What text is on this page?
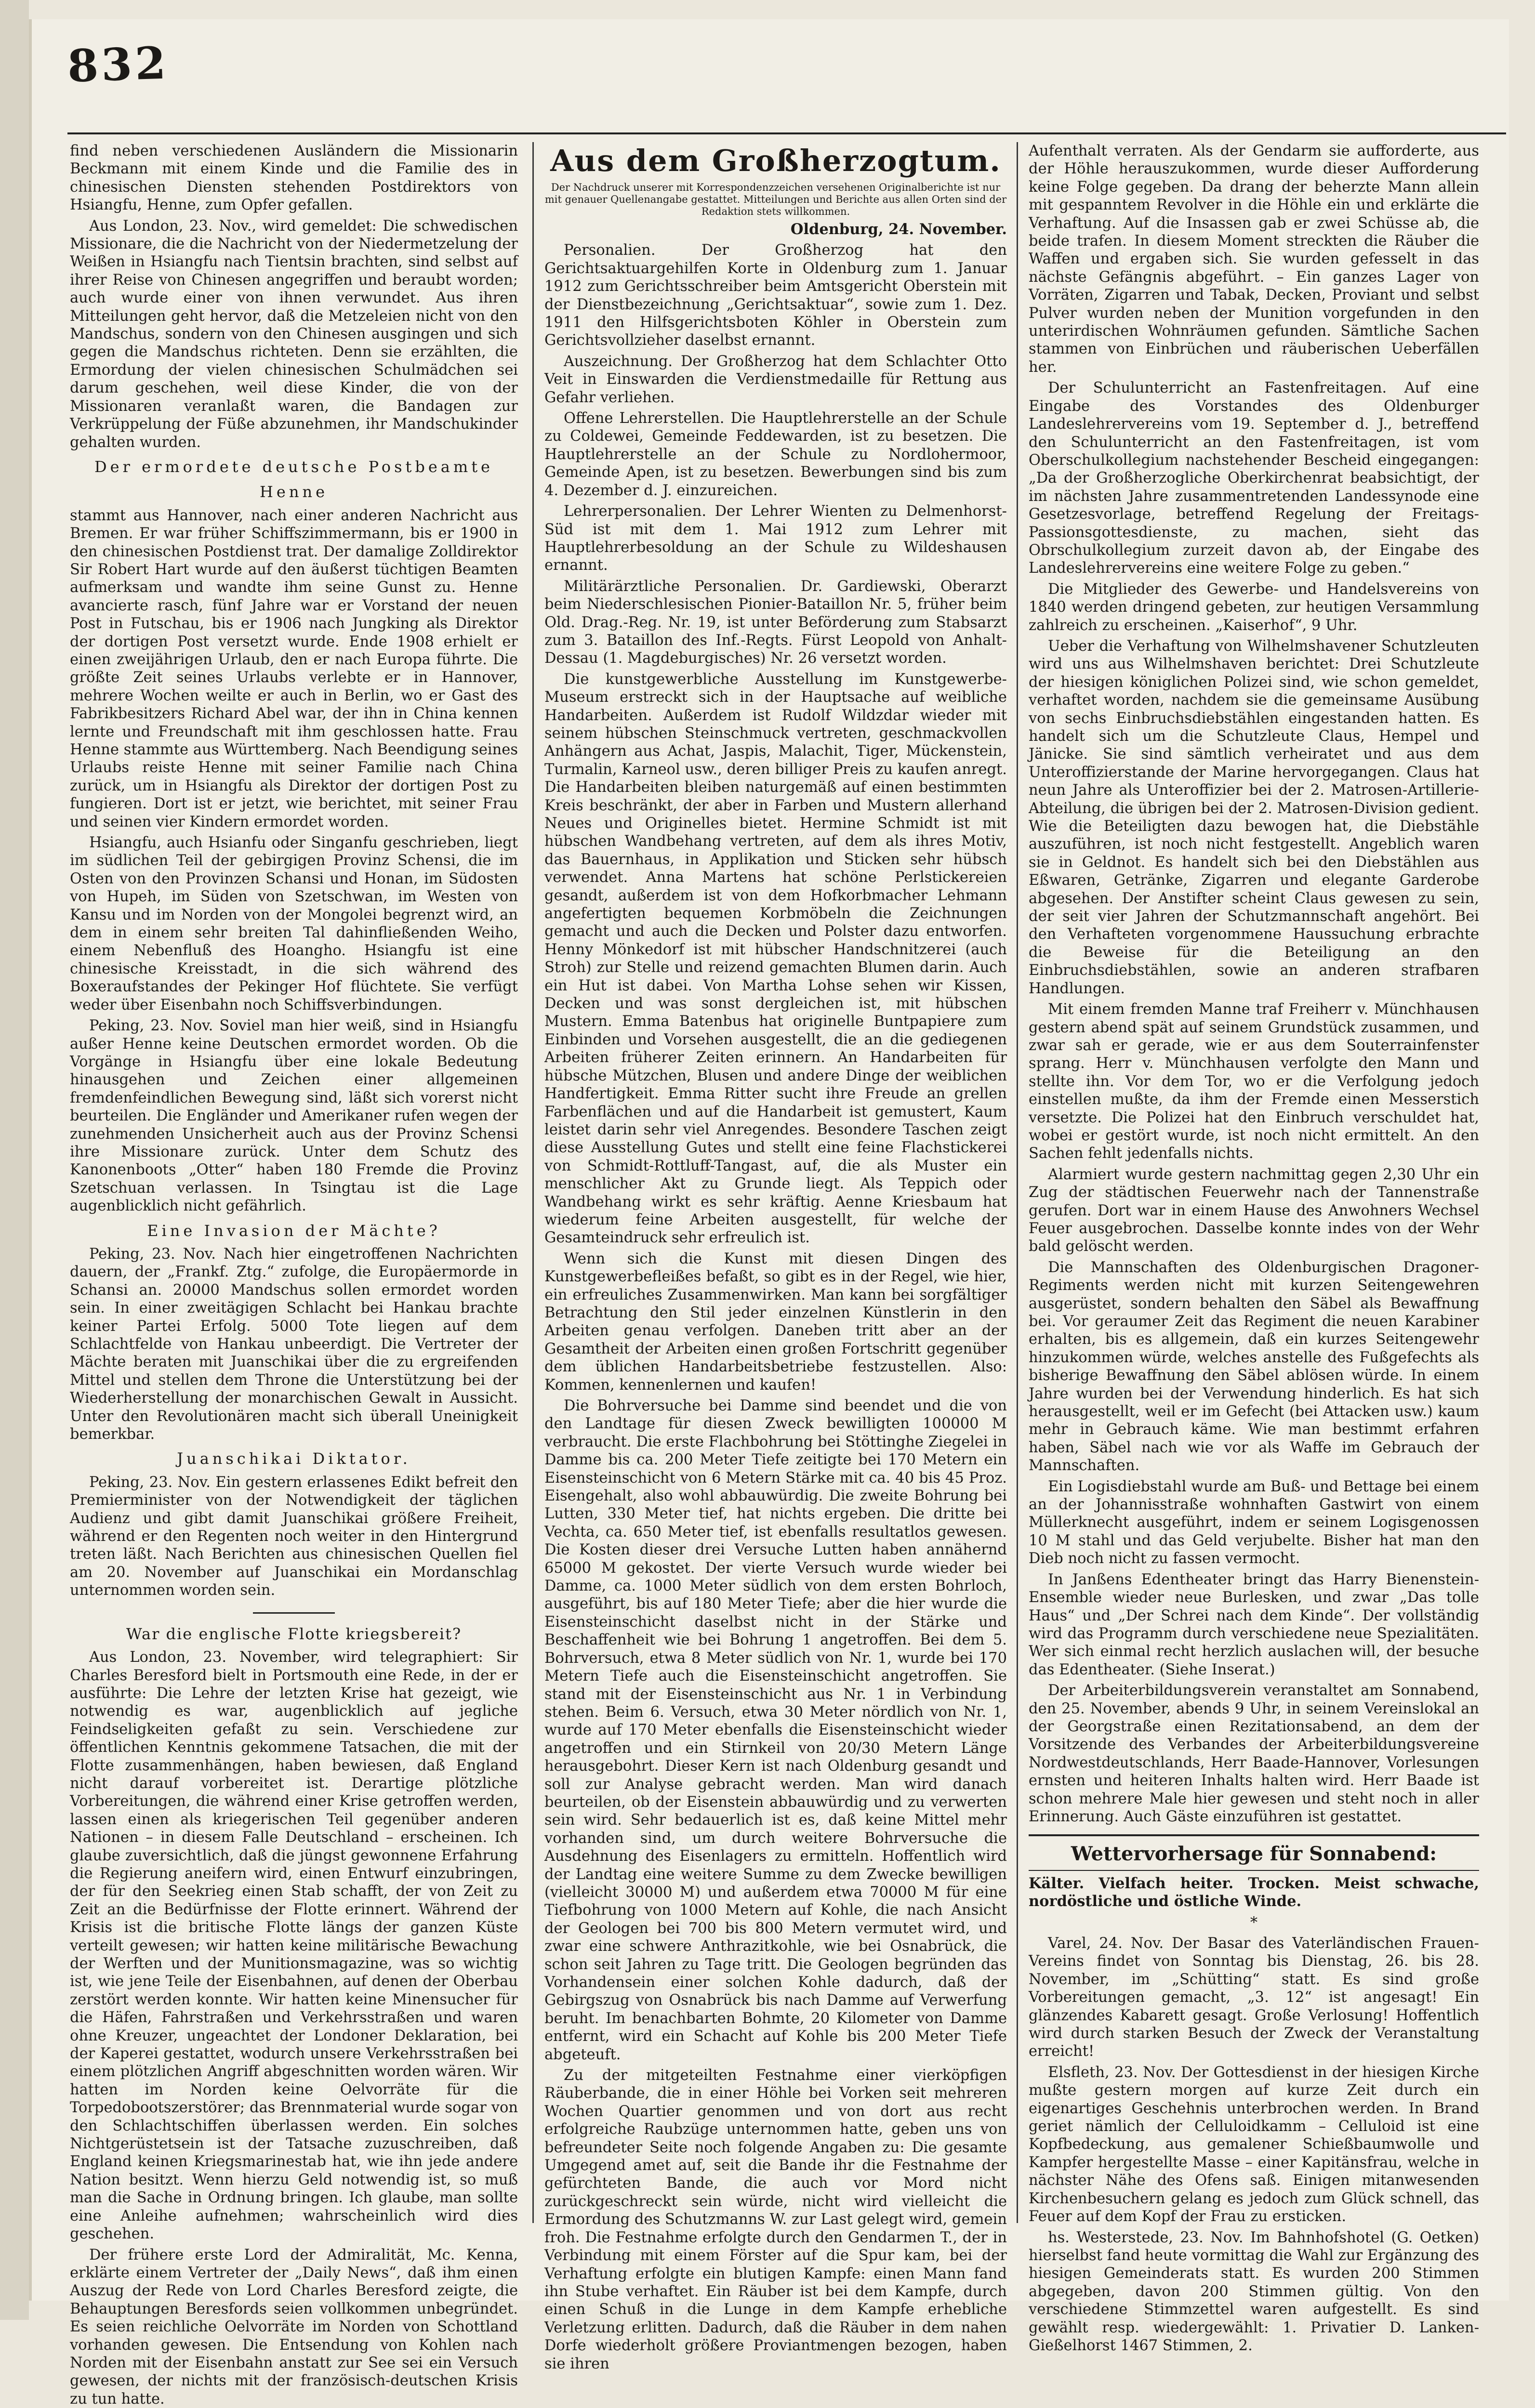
832

find neben verschiedenen Ausländern die Missionarin Beckmann mit einem Kinde und die Familie des in chinesischen Diensten stehenden Postdirektors von Hsiangfu, Henne, zum Opfer gefallen.

Aus London, 23. Nov., wird gemeldet: Die schwedischen Missionare, die die Nachricht von der Niedermetzelung der Weißen in Hsiangfu nach Tientsin brachten, sind selbst auf ihrer Reise von Chinesen angegriffen und beraubt worden; auch wurde einer von ihnen verwundet. Aus ihren Mitteilungen geht hervor, daß die Metzeleien nicht von den Mandschus, sondern von den Chinesen ausgingen und sich gegen die Mandschus richteten. Denn sie erzählten, die Ermordung der vielen chinesischen Schulmädchen sei darum geschehen, weil diese Kinder, die von der Missionaren veranlaßt waren, die Bandagen zur Verkrüppelung der Füße abzunehmen, ihr Mandschukinder gehalten wurden.

Der ermordete deutsche Postbeamte

Henne

stammt aus Hannover, nach einer anderen Nachricht aus Bremen. Er war früher Schiffszimmermann, bis er 1900 in den chinesischen Postdienst trat. Der damalige Zolldirektor Sir Robert Hart wurde auf den äußerst tüchtigen Beamten aufmerksam und wandte ihm seine Gunst zu. Henne avancierte rasch, fünf Jahre war er Vorstand der neuen Post in Futschau, bis er 1906 nach Jungking als Direktor der dortigen Post versetzt wurde. Ende 1908 erhielt er einen zweijährigen Urlaub, den er nach Europa führte. Die größte Zeit seines Urlaubs verlebte er in Hannover, mehrere Wochen weilte er auch in Berlin, wo er Gast des Fabrikbesitzers Richard Abel war, der ihn in China kennen lernte und Freundschaft mit ihm geschlossen hatte. Frau Henne stammte aus Württemberg. Nach Beendigung seines Urlaubs reiste Henne mit seiner Familie nach China zurück, um in Hsiangfu als Direktor der dortigen Post zu fungieren. Dort ist er jetzt, wie berichtet, mit seiner Frau und seinen vier Kindern ermordet worden.

Hsiangfu, auch Hsianfu oder Singanfu geschrieben, liegt im südlichen Teil der gebirgigen Provinz Schensi, die im Osten von den Provinzen Schansi und Honan, im Südosten von Hupeh, im Süden von Szetschwan, im Westen von Kansu und im Norden von der Mongolei begrenzt wird, an dem in einem sehr breiten Tal dahinfließenden Weiho, einem Nebenfluß des Hoangho. Hsiangfu ist eine chinesische Kreisstadt, in die sich während des Boxeraufstandes der Pekinger Hof flüchtete. Sie verfügt weder über Eisenbahn noch Schiffsverbindungen.

Peking, 23. Nov. Soviel man hier weiß, sind in Hsiangfu außer Henne keine Deutschen ermordet worden. Ob die Vorgänge in Hsiangfu über eine lokale Bedeutung hinausgehen und Zeichen einer allgemeinen fremdenfeindlichen Bewegung sind, läßt sich vorerst nicht beurteilen. Die Engländer und Amerikaner rufen wegen der zunehmenden Unsicherheit auch aus der Provinz Schensi ihre Missionare zurück. Unter dem Schutz des Kanonenboots „Otter“ haben 180 Fremde die Provinz Szetschuan verlassen. In Tsingtau ist die Lage augenblicklich nicht gefährlich.

Eine Invasion der Mächte?

Peking, 23. Nov. Nach hier eingetroffenen Nachrichten dauern, der „Frankf. Ztg.“ zufolge, die Europäermorde in Schansi an. 20000 Mandschus sollen ermordet worden sein. In einer zweitägigen Schlacht bei Hankau brachte keiner Partei Erfolg. 5000 Tote liegen auf dem Schlachtfelde von Hankau unbeerdigt. Die Vertreter der Mächte beraten mit Juanschikai über die zu ergreifenden Mittel und stellen dem Throne die Unterstützung bei der Wiederherstellung der monarchischen Gewalt in Aussicht. Unter den Revolutionären macht sich überall Uneinigkeit bemerkbar.

Juanschikai Diktator.

Peking, 23. Nov. Ein gestern erlassenes Edikt befreit den Premierminister von der Notwendigkeit der täglichen Audienz und gibt damit Juanschikai größere Freiheit, während er den Regenten noch weiter in den Hintergrund treten läßt. Nach Berichten aus chinesischen Quellen fiel am 20. November auf Juanschikai ein Mordanschlag unternommen worden sein.

War die englische Flotte kriegsbereit?

Aus London, 23. November, wird telegraphiert: Sir Charles Beresford bielt in Portsmouth eine Rede, in der er ausführte: Die Lehre der letzten Krise hat gezeigt, wie notwendig es war, augenblicklich auf jegliche Feindseligkeiten gefaßt zu sein. Verschiedene zur öffentlichen Kenntnis gekommene Tatsachen, die mit der Flotte zusammenhängen, haben bewiesen, daß England nicht darauf vorbereitet ist. Derartige plötzliche Vorbereitungen, die während einer Krise getroffen werden, lassen einen als kriegerischen Teil gegenüber anderen Nationen – in diesem Falle Deutschland – erscheinen. Ich glaube zuversichtlich, daß die jüngst gewonnene Erfahrung die Regierung aneifern wird, einen Entwurf einzubringen, der für den Seekrieg einen Stab schafft, der von Zeit zu Zeit an die Bedürfnisse der Flotte erinnert. Während der Krisis ist die britische Flotte längs der ganzen Küste verteilt gewesen; wir hatten keine militärische Bewachung der Werften und der Munitionsmagazine, was so wichtig ist, wie jene Teile der Eisenbahnen, auf denen der Oberbau zerstört werden konnte. Wir hatten keine Minensucher für die Häfen, Fahrstraßen und Verkehrsstraßen und waren ohne Kreuzer, ungeachtet der Londoner Deklaration, bei der Kaperei gestattet, wodurch unsere Verkehrsstraßen bei einem plötzlichen Angriff abgeschnitten worden wären. Wir hatten im Norden keine Oelvorräte für die Torpedobootszerstörer; das Brennmaterial wurde sogar von den Schlachtschiffen überlassen werden. Ein solches Nichtgerüstetsein ist der Tatsache zuzuschreiben, daß England keinen Kriegsmarinestab hat, wie ihn jede andere Nation besitzt. Wenn hierzu Geld notwendig ist, so muß man die Sache in Ordnung bringen. Ich glaube, man sollte eine Anleihe aufnehmen; wahrscheinlich wird dies geschehen.

Der frühere erste Lord der Admiralität, Mc. Kenna, erklärte einem Vertreter der „Daily News“, daß ihm einen Auszug der Rede von Lord Charles Beresford zeigte, die Behauptungen Beresfords seien vollkommen unbegründet. Es seien reichliche Oelvorräte im Norden von Schottland vorhanden gewesen. Die Entsendung von Kohlen nach Norden mit der Eisenbahn anstatt zur See sei ein Versuch gewesen, der nichts mit der französisch-deutschen Krisis zu tun hatte.

Aus dem Großherzogtum.

Der Nachdruck unserer mit Korrespondenzzeichen versehenen Originalberichte ist nur mit genauer Quellenangabe gestattet. Mitteilungen und Berichte aus allen Orten sind der Redaktion stets willkommen.

Oldenburg, 24. November.

Personalien. Der Großherzog hat den Gerichtsaktuargehilfen Korte in Oldenburg zum 1. Januar 1912 zum Gerichtsschreiber beim Amtsgericht Oberstein mit der Dienstbezeichnung „Gerichtsaktuar“, sowie zum 1. Dez. 1911 den Hilfsgerichtsboten Köhler in Oberstein zum Gerichtsvollzieher daselbst ernannt.

Auszeichnung. Der Großherzog hat dem Schlachter Otto Veit in Einswarden die Verdienstmedaille für Rettung aus Gefahr verliehen.

Offene Lehrerstellen. Die Hauptlehrerstelle an der Schule zu Coldewei, Gemeinde Feddewarden, ist zu besetzen. Die Hauptlehrerstelle an der Schule zu Nordlohermoor, Gemeinde Apen, ist zu besetzen. Bewerbungen sind bis zum 4. Dezember d. J. einzureichen.

Lehrerpersonalien. Der Lehrer Wienten zu Delmenhorst-Süd ist mit dem 1. Mai 1912 zum Lehrer mit Hauptlehrerbesoldung an der Schule zu Wildeshausen ernannt.

Militärärztliche Personalien. Dr. Gardiewski, Oberarzt beim Niederschlesischen Pionier-Bataillon Nr. 5, früher beim Old. Drag.-Reg. Nr. 19, ist unter Beförderung zum Stabsarzt zum 3. Bataillon des Inf.-Regts. Fürst Leopold von Anhalt-Dessau (1. Magdeburgisches) Nr. 26 versetzt worden.

Die kunstgewerbliche Ausstellung im Kunstgewerbe-Museum erstreckt sich in der Hauptsache auf weibliche Handarbeiten. Außerdem ist Rudolf Wildzdar wieder mit seinem hübschen Steinschmuck vertreten, geschmackvollen Anhängern aus Achat, Jaspis, Malachit, Tiger, Mückenstein, Turmalin, Karneol usw., deren billiger Preis zu kaufen anregt. Die Handarbeiten bleiben naturgemäß auf einen bestimmten Kreis beschränkt, der aber in Farben und Mustern allerhand Neues und Originelles bietet. Hermine Schmidt ist mit hübschen Wandbehang vertreten, auf dem als ihres Motiv, das Bauernhaus, in Applikation und Sticken sehr hübsch verwendet. Anna Martens hat schöne Perlstickereien gesandt, außerdem ist von dem Hofkorbmacher Lehmann angefertigten bequemen Korbmöbeln die Zeichnungen gemacht und auch die Decken und Polster dazu entworfen. Henny Mönkedorf ist mit hübscher Handschnitzerei (auch Stroh) zur Stelle und reizend gemachten Blumen darin. Auch ein Hut ist dabei. Von Martha Lohse sehen wir Kissen, Decken und was sonst dergleichen ist, mit hübschen Mustern. Emma Batenbus hat originelle Buntpapiere zum Einbinden und Vorsehen ausgestellt, die an die gediegenen Arbeiten früherer Zeiten erinnern. An Handarbeiten für hübsche Mützchen, Blusen und andere Dinge der weiblichen Handfertigkeit. Emma Ritter sucht ihre Freude an grellen Farbenflächen und auf die Handarbeit ist gemustert, Kaum leistet darin sehr viel Anregendes. Besondere Taschen zeigt diese Ausstellung Gutes und stellt eine feine Flachstickerei von Schmidt-Rottluff-Tangast, auf, die als Muster ein menschlicher Akt zu Grunde liegt. Als Teppich oder Wandbehang wirkt es sehr kräftig. Aenne Kriesbaum hat wiederum feine Arbeiten ausgestellt, für welche der Gesamteindruck sehr erfreulich ist.

Wenn sich die Kunst mit diesen Dingen des Kunstgewerbefleißes befaßt, so gibt es in der Regel, wie hier, ein erfreuliches Zusammenwirken. Man kann bei sorgfältiger Betrachtung den Stil jeder einzelnen Künstlerin in den Arbeiten genau verfolgen. Daneben tritt aber an der Gesamtheit der Arbeiten einen großen Fortschritt gegenüber dem üblichen Handarbeitsbetriebe festzustellen. Also: Kommen, kennenlernen und kaufen!

Die Bohrversuche bei Damme sind beendet und die von den Landtage für diesen Zweck bewilligten 100000 M verbraucht. Die erste Flachbohrung bei Stöttinghe Ziegelei in Damme bis ca. 200 Meter Tiefe zeitigte bei 170 Metern ein Eisensteinschicht von 6 Metern Stärke mit ca. 40 bis 45 Proz. Eisengehalt, also wohl abbauwürdig. Die zweite Bohrung bei Lutten, 330 Meter tief, hat nichts ergeben. Die dritte bei Vechta, ca. 650 Meter tief, ist ebenfalls resultatlos gewesen. Die Kosten dieser drei Versuche Lutten haben annähernd 65000 M gekostet. Der vierte Versuch wurde wieder bei Damme, ca. 1000 Meter südlich von dem ersten Bohrloch, ausgeführt, bis auf 180 Meter Tiefe; aber die hier wurde die Eisensteinschicht daselbst nicht in der Stärke und Beschaffenheit wie bei Bohrung 1 angetroffen. Bei dem 5. Bohrversuch, etwa 8 Meter südlich von Nr. 1, wurde bei 170 Metern Tiefe auch die Eisensteinschicht angetroffen. Sie stand mit der Eisensteinschicht aus Nr. 1 in Verbindung stehen. Beim 6. Versuch, etwa 30 Meter nördlich von Nr. 1, wurde auf 170 Meter ebenfalls die Eisensteinschicht wieder angetroffen und ein Stirnkeil von 20/30 Metern Länge herausgebohrt. Dieser Kern ist nach Oldenburg gesandt und soll zur Analyse gebracht werden. Man wird danach beurteilen, ob der Eisenstein abbauwürdig und zu verwerten sein wird. Sehr bedauerlich ist es, daß keine Mittel mehr vorhanden sind, um durch weitere Bohrversuche die Ausdehnung des Eisenlagers zu ermitteln. Hoffentlich wird der Landtag eine weitere Summe zu dem Zwecke bewilligen (vielleicht 30000 M) und außerdem etwa 70000 M für eine Tiefbohrung von 1000 Metern auf Kohle, die nach Ansicht der Geologen bei 700 bis 800 Metern vermutet wird, und zwar eine schwere Anthrazitkohle, wie bei Osnabrück, die schon seit Jahren zu Tage tritt. Die Geologen begründen das Vorhandensein einer solchen Kohle dadurch, daß der Gebirgszug von Osnabrück bis nach Damme auf Verwerfung beruht. Im benachbarten Bohmte, 20 Kilometer von Damme entfernt, wird ein Schacht auf Kohle bis 200 Meter Tiefe abgeteuft.

Zu der mitgeteilten Festnahme einer vierköpfigen Räuberbande, die in einer Höhle bei Vorken seit mehreren Wochen Quartier genommen und von dort aus recht erfolgreiche Raubzüge unternommen hatte, geben uns von befreundeter Seite noch folgende Angaben zu: Die gesamte Umgegend amet auf, seit die Bande ihr die Festnahme der gefürchteten Bande, die auch vor Mord nicht zurückgeschreckt sein würde, nicht wird vielleicht die Ermordung des Schutzmanns W. zur Last gelegt wird, gemein froh. Die Festnahme erfolgte durch den Gendarmen T., der in Verbindung mit einem Förster auf die Spur kam, bei der Verhaftung erfolgte ein blutigen Kampfe: einen Mann fand ihn Stube verhaftet. Ein Räuber ist bei dem Kampfe, durch einen Schuß in die Lunge in dem Kampfe erhebliche Verletzung erlitten. Dadurch, daß die Räuber in dem nahen Dorfe wiederholt größere Proviantmengen bezogen, haben sie ihren

Aufenthalt verraten. Als der Gendarm sie aufforderte, aus der Höhle herauszukommen, wurde dieser Aufforderung keine Folge gegeben. Da drang der beherzte Mann allein mit gespanntem Revolver in die Höhle ein und erklärte die Verhaftung. Auf die Insassen gab er zwei Schüsse ab, die beide trafen. In diesem Moment streckten die Räuber die Waffen und ergaben sich. Sie wurden gefesselt in das nächste Gefängnis abgeführt. – Ein ganzes Lager von Vorräten, Zigarren und Tabak, Decken, Proviant und selbst Pulver wurden neben der Munition vorgefunden in den unterirdischen Wohnräumen gefunden. Sämtliche Sachen stammen von Einbrüchen und räuberischen Ueberfällen her.

Der Schulunterricht an Fastenfreitagen. Auf eine Eingabe des Vorstandes des Oldenburger Landeslehrervereins vom 19. September d. J., betreffend den Schulunterricht an den Fastenfreitagen, ist vom Oberschulkollegium nachstehender Bescheid eingegangen: „Da der Großherzogliche Oberkirchenrat beabsichtigt, der im nächsten Jahre zusammentretenden Landessynode eine Gesetzesvorlage, betreffend Regelung der Freitags-Passionsgottesdienste, zu machen, sieht das Obrschulkollegium zurzeit davon ab, der Eingabe des Landeslehrervereins eine weitere Folge zu geben.“

Die Mitglieder des Gewerbe- und Handelsvereins von 1840 werden dringend gebeten, zur heutigen Versammlung zahlreich zu erscheinen. „Kaiserhof“, 9 Uhr.

Ueber die Verhaftung von Wilhelmshavener Schutzleuten wird uns aus Wilhelmshaven berichtet: Drei Schutzleute der hiesigen königlichen Polizei sind, wie schon gemeldet, verhaftet worden, nachdem sie die gemeinsame Ausübung von sechs Einbruchsdiebstählen eingestanden hatten. Es handelt sich um die Schutzleute Claus, Hempel und Jänicke. Sie sind sämtlich verheiratet und aus dem Unteroffizierstande der Marine hervorgegangen. Claus hat neun Jahre als Unteroffizier bei der 2. Matrosen-Artillerie-Abteilung, die übrigen bei der 2. Matrosen-Division gedient. Wie die Beteiligten dazu bewogen hat, die Diebstähle auszuführen, ist noch nicht festgestellt. Angeblich waren sie in Geldnot. Es handelt sich bei den Diebstählen aus Eßwaren, Getränke, Zigarren und elegante Garderobe abgesehen. Der Anstifter scheint Claus gewesen zu sein, der seit vier Jahren der Schutzmannschaft angehört. Bei den Verhafteten vorgenommene Haussuchung erbrachte die Beweise für die Beteiligung an den Einbruchsdiebstählen, sowie an anderen strafbaren Handlungen.

Mit einem fremden Manne traf Freiherr v. Münchhausen gestern abend spät auf seinem Grundstück zusammen, und zwar sah er gerade, wie er aus dem Souterrainfenster sprang. Herr v. Münchhausen verfolgte den Mann und stellte ihn. Vor dem Tor, wo er die Verfolgung jedoch einstellen mußte, da ihm der Fremde einen Messerstich versetzte. Die Polizei hat den Einbruch verschuldet hat, wobei er gestört wurde, ist noch nicht ermittelt. An den Sachen fehlt jedenfalls nichts.

Alarmiert wurde gestern nachmittag gegen 2,30 Uhr ein Zug der städtischen Feuerwehr nach der Tannenstraße gerufen. Dort war in einem Hause des Anwohners Wechsel Feuer ausgebrochen. Dasselbe konnte indes von der Wehr bald gelöscht werden.

Die Mannschaften des Oldenburgischen Dragoner-Regiments werden nicht mit kurzen Seitengewehren ausgerüstet, sondern behalten den Säbel als Bewaffnung bei. Vor geraumer Zeit das Regiment die neuen Karabiner erhalten, bis es allgemein, daß ein kurzes Seitengewehr hinzukommen würde, welches anstelle des Fußgefechts als bisherige Bewaffnung den Säbel ablösen würde. In einem Jahre wurden bei der Verwendung hinderlich. Es hat sich herausgestellt, weil er im Gefecht (bei Attacken usw.) kaum mehr in Gebrauch käme. Wie man bestimmt erfahren haben, Säbel nach wie vor als Waffe im Gebrauch der Mannschaften.

Ein Logisdiebstahl wurde am Buß- und Bettage bei einem an der Johannisstraße wohnhaften Gastwirt von einem Müllerknecht ausgeführt, indem er seinem Logisgenossen 10 M stahl und das Geld verjubelte. Bisher hat man den Dieb noch nicht zu fassen vermocht.

In Janßens Edentheater bringt das Harry Bienenstein-Ensemble wieder neue Burlesken, und zwar „Das tolle Haus“ und „Der Schrei nach dem Kinde“. Der vollständig wird das Programm durch verschiedene neue Spezialitäten. Wer sich einmal recht herzlich auslachen will, der besuche das Edentheater. (Siehe Inserat.)

Der Arbeiterbildungsverein veranstaltet am Sonnabend, den 25. November, abends 9 Uhr, in seinem Vereinslokal an der Georgstraße einen Rezitationsabend, an dem der Vorsitzende des Verbandes der Arbeiterbildungsvereine Nordwestdeutschlands, Herr Baade-Hannover, Vorlesungen ernsten und heiteren Inhalts halten wird. Herr Baade ist schon mehrere Male hier gewesen und steht noch in aller Erinnerung. Auch Gäste einzuführen ist gestattet.

Wettervorhersage für Sonnabend:

Kälter. Vielfach heiter. Trocken. Meist schwache, nordöstliche und östliche Winde.

*

Varel, 24. Nov. Der Basar des Vaterländischen Frauen-Vereins findet von Sonntag bis Dienstag, 26. bis 28. November, im „Schütting“ statt. Es sind große Vorbereitungen gemacht, „3. 12“ ist angesagt! Ein glänzendes Kabarett gesagt. Große Verlosung! Hoffentlich wird durch starken Besuch der Zweck der Veranstaltung erreicht!

Elsfleth, 23. Nov. Der Gottesdienst in der hiesigen Kirche mußte gestern morgen auf kurze Zeit durch ein eigenartiges Geschehnis unterbrochen werden. In Brand geriet nämlich der Celluloidkamm – Celluloid ist eine Kopfbedeckung, aus gemalener Schießbaumwolle und Kampfer hergestellte Masse – einer Kapitänsfrau, welche in nächster Nähe des Ofens saß. Einigen mitanwesenden Kirchenbesuchern gelang es jedoch zum Glück schnell, das Feuer auf dem Kopf der Frau zu ersticken.

hs. Westerstede, 23. Nov. Im Bahnhofshotel (G. Oetken) hierselbst fand heute vormittag die Wahl zur Ergänzung des hiesigen Gemeinderats statt. Es wurden 200 Stimmen abgegeben, davon 200 Stimmen gültig. Von den verschiedene Stimmzettel waren aufgestellt. Es sind gewählt resp. wiedergewählt: 1. Privatier D. Lanken-Gießelhorst 1467 Stimmen, 2.
